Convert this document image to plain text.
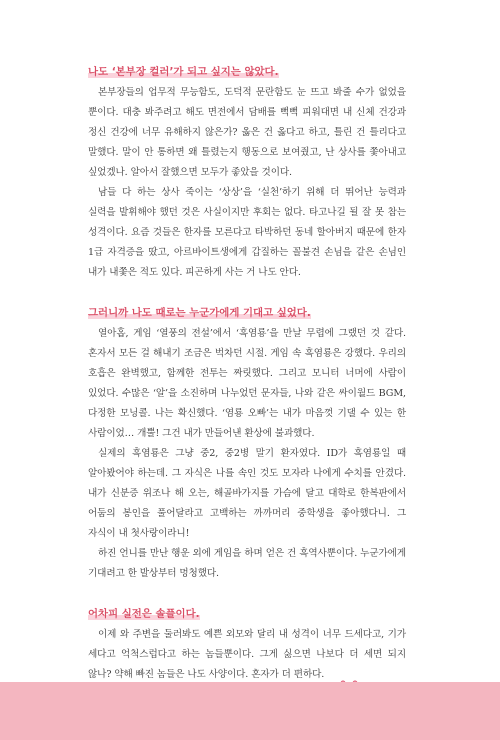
나도 ‘본부장 컬러’가 되고 싶지는 않았다.

본부장들의 업무적 무능함도, 도덕적 문란함도 눈 뜨고 봐줄 수가 없었을 뿐이다. 대충 봐주려고 해도 면전에서 담배를 뻑뻑 피워대면 내 신체 건강과 정신 건강에 너무 유해하지 않은가? 옳은 건 옳다고 하고, 틀린 건 틀리다고 말했다. 말이 안 통하면 왜 틀렸는지 행동으로 보여줬고, 난 상사를 쫓아내고 싶었겠나. 알아서 잘했으면 모두가 좋았을 것이다.

남들 다 하는 상사 죽이는 ‘상상’을 ‘실천’하기 위해 더 뛰어난 능력과 실력을 발휘해야 했던 것은 사실이지만 후회는 없다. 타고나길 될 잘 못 참는 성격이다. 요즘 것들은 한자를 모른다고 타박하던 동네 할아버지 때문에 한자 1급 자격증을 땄고, 아르바이트생에게 갑질하는 꼴불견 손님을 같은 손님인 내가 내쫓은 적도 있다. 피곤하게 사는 거 나도 안다.

그러니까 나도 때로는 누군가에게 기대고 싶었다.

열아홉, 게임 ‘열풍의 전설’에서 ‘흑염룡’을 만날 무렵에 그랬던 것 같다. 혼자서 모든 걸 해내기 조금은 벅차던 시절. 게임 속 흑염룡은 강했다. 우리의 호흡은 완벽했고, 함께한 전투는 짜릿했다. 그리고 모니터 너머에 사람이 있었다. 수많은 ‘알’을 소진하며 나누었던 문자들, 나와 같은 싸이월드 BGM, 다정한 모닝콜. 나는 확신했다. ‘염룡 오빠’는 내가 마음껏 기댈 수 있는 한 사람이었… 개뿔! 그건 내가 만들어낸 환상에 불과했다.

실제의 흑염룡은 그냥 중2, 중2병 말기 환자였다. ID가 흑염룡일 때 알아봤어야 하는데. 그 자식은 나를 속인 것도 모자라 나에게 수치를 안겼다. 내가 신분증 위조나 해 오는, 해골바가지를 가슴에 달고 대학로 한복판에서 어둠의 봉인을 풀어달라고 고백하는 까까머리 중학생을 좋아했다니. 그 자식이 내 첫사랑이라니!

하진 언니를 만난 행운 외에 게임을 하며 얻은 건 흑역사뿐이다. 누군가에게 기대려고 한 발상부터 멍청했다.

어차피 실전은 솔플이다.

이제 와 주변을 둘러봐도 예쁜 외모와 달리 내 성격이 너무 드세다고, 기가 세다고 억척스럽다고 하는 놈들뿐이다. 그게 싫으면 나보다 더 세면 되지 않나? 약해 빠진 놈들은 나도 사양이다. 혼자가 더 편하다.
